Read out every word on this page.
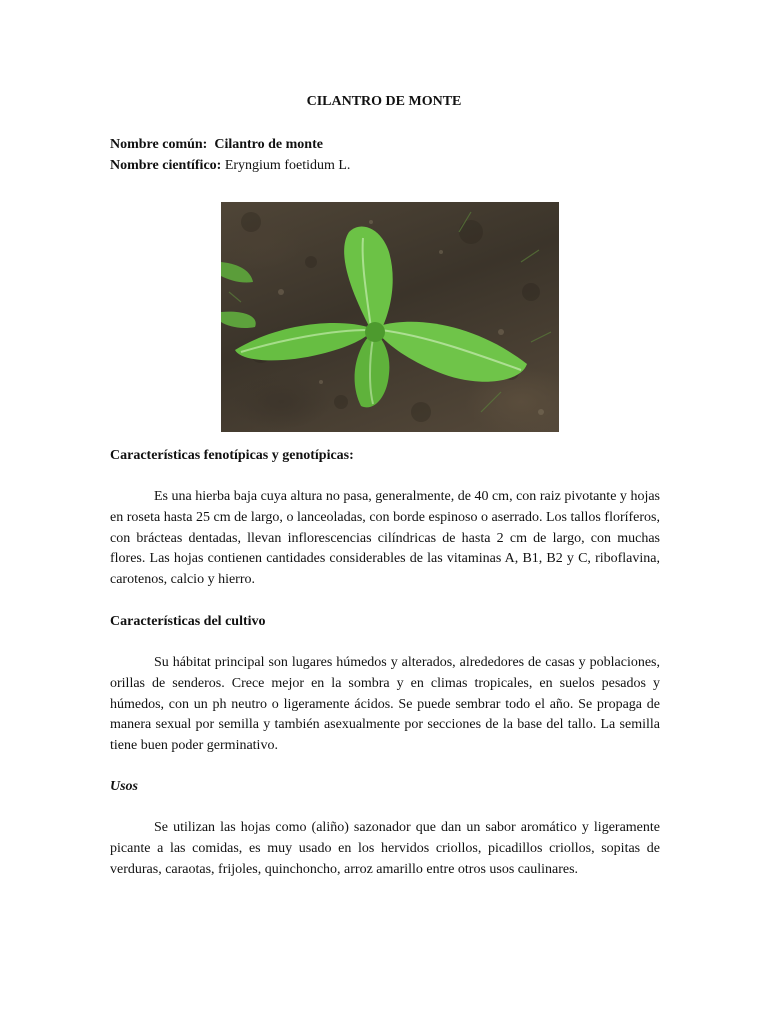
CILANTRO DE MONTE
Nombre común: Cilantro de monte
Nombre científico: Eryngium foetidum L.
Características fenotípicas y genotípicas:
Es una hierba baja cuya altura no pasa, generalmente, de 40 cm, con raiz pivotante y hojas en roseta hasta 25 cm de largo, o lanceoladas, con borde espinoso o aserrado. Los tallos floríferos, con brácteas dentadas, llevan inflorescencias cilíndricas de hasta 2 cm de largo, con muchas flores. Las hojas contienen cantidades considerables de las vitaminas A, B1, B2 y C, riboflavina, carotenos, calcio y hierro.
Características del cultivo
Su hábitat principal son lugares húmedos y alterados, alrededores de casas y poblaciones, orillas de senderos. Crece mejor en la sombra y en climas tropicales, en suelos pesados y húmedos, con un ph neutro o ligeramente ácidos. Se puede sembrar todo el año. Se propaga de manera sexual por semilla y también asexualmente por secciones de la base del tallo. La semilla tiene buen poder germinativo.
Usos
Se utilizan las hojas como (aliño) sazonador que dan un sabor aromático y ligeramente picante a las comidas, es muy usado en los hervidos criollos, picadillos criollos, sopitas de verduras, caraotas, frijoles, quinchoncho, arroz amarillo entre otros usos caulinares.
